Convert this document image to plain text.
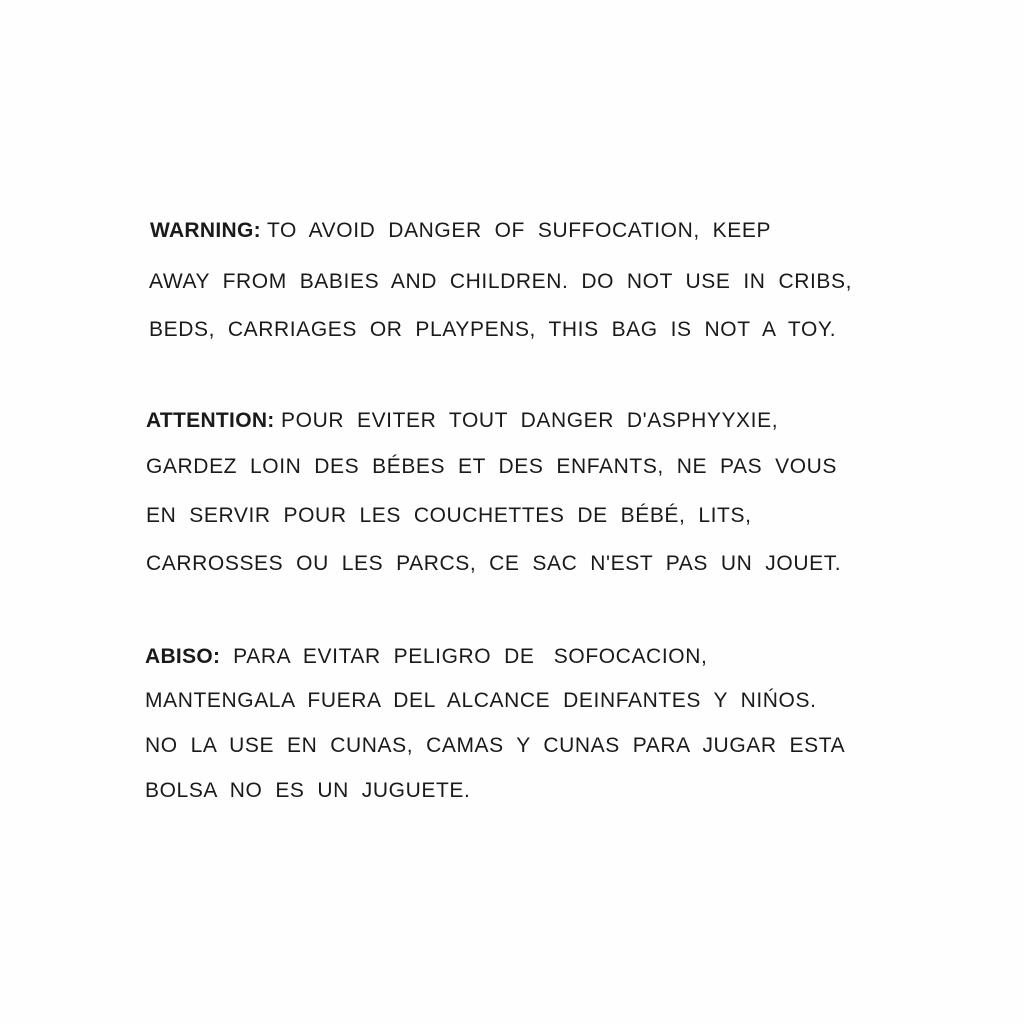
WARNING: TO  AVOID  DANGER  OF  SUFFOCATION,  KEEP
AWAY  FROM  BABIES  AND  CHILDREN.  DO  NOT  USE  IN  CRIBS,
BEDS,  CARRIAGES  OR  PLAYPENS,  THIS  BAG  IS  NOT  A  TOY.
ATTENTION: POUR  EVITER  TOUT  DANGER  D'ASPHYYXIE,
GARDEZ  LOIN  DES  BÉBES  ET  DES  ENFANTS,  NE  PAS  VOUS
EN  SERVIR  POUR  LES  COUCHETTES  DE  BÉBÉ,  LITS,
CARROSSES  OU  LES  PARCS,  CE  SAC  N'EST  PAS  UN  JOUET.
ABISO:  PARA  EVITAR  PELIGRO  DE   SOFOCACION,
MANTENGALA  FUERA  DEL  ALCANCE  DEINFANTES  Y  NIŃOS.
NO  LA  USE  EN  CUNAS,  CAMAS  Y  CUNAS  PARA  JUGAR  ESTA
BOLSA  NO  ES  UN  JUGUETE.
